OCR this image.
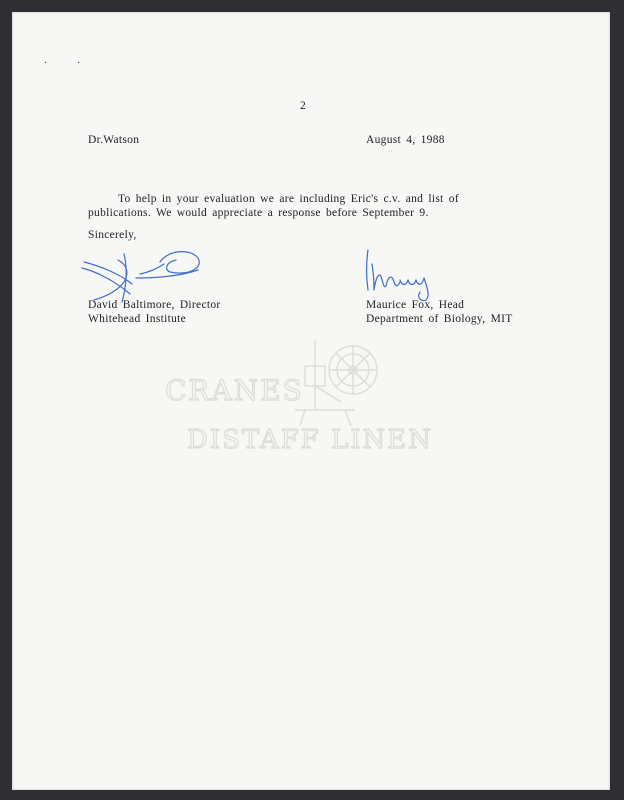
·	·
CRANES
DISTAFF LINEN
2
Dr.Watson	August 4, 1988
To help in your evaluation we are including Eric's c.v. and list of
publications. We would appreciate a response before September 9.
Sincerely,
David Baltimore, Director
Whitehead Institute
Maurice Fox, Head
Department of Biology, MIT
